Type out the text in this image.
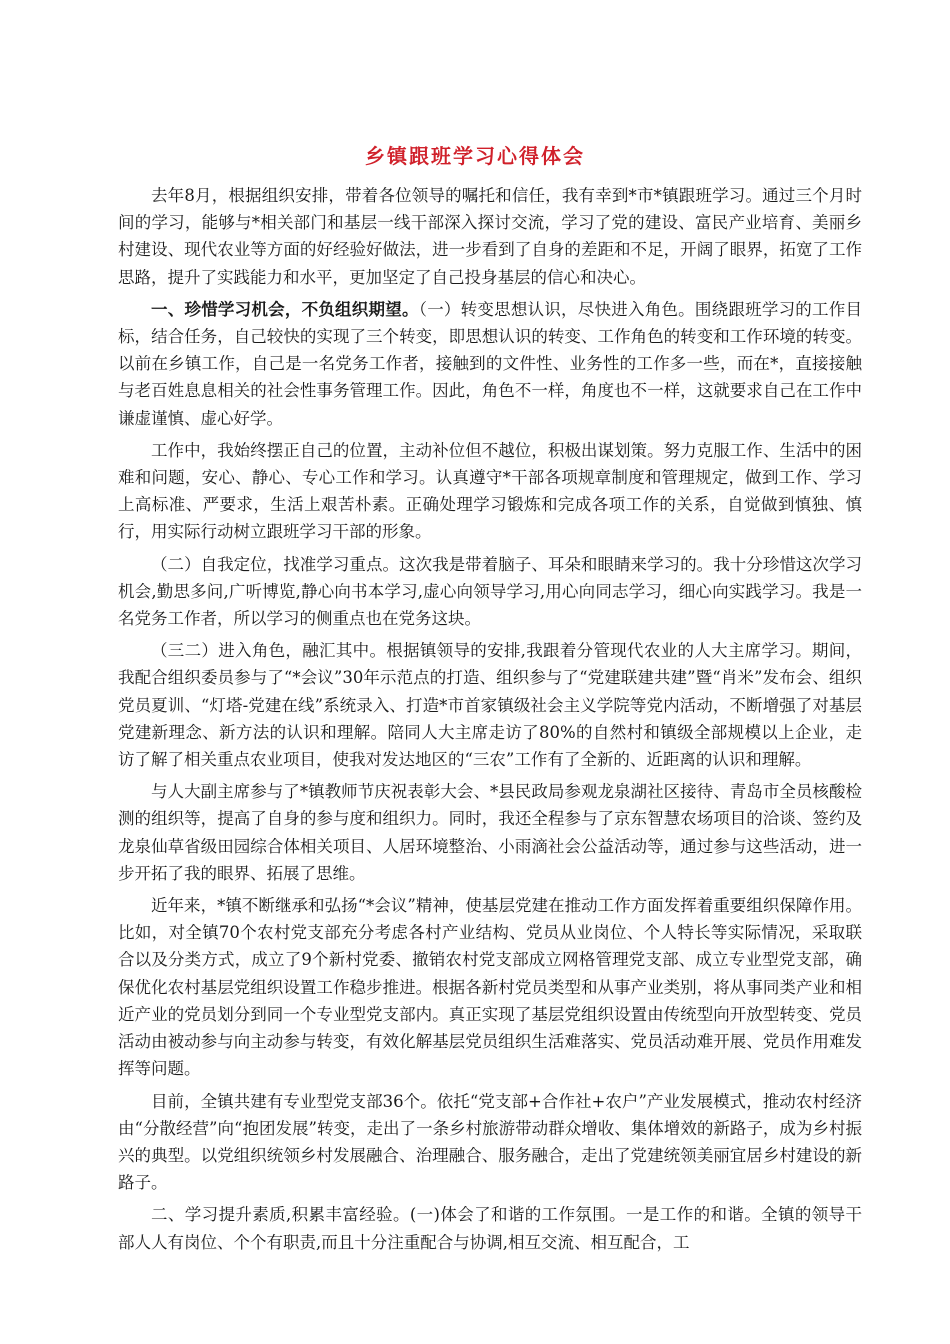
乡镇跟班学习心得体会

去年8月，根据组织安排，带着各位领导的嘱托和信任，我有幸到*市*镇跟班学习。通过三个月时间的学习，能够与*相关部门和基层一线干部深入探讨交流，学习了党的建设、富民产业培育、美丽乡村建设、现代农业等方面的好经验好做法，进一步看到了自身的差距和不足，开阔了眼界，拓宽了工作思路，提升了实践能力和水平，更加坚定了自己投身基层的信心和决心。

一、珍惜学习机会，不负组织期望。（一）转变思想认识，尽快进入角色。围绕跟班学习的工作目标，结合任务，自己较快的实现了三个转变，即思想认识的转变、工作角色的转变和工作环境的转变。以前在乡镇工作，自己是一名党务工作者，接触到的文件性、业务性的工作多一些，而在*，直接接触与老百姓息息相关的社会性事务管理工作。因此，角色不一样，角度也不一样，这就要求自己在工作中谦虚谨慎、虚心好学。

工作中，我始终摆正自己的位置，主动补位但不越位，积极出谋划策。努力克服工作、生活中的困难和问题，安心、静心、专心工作和学习。认真遵守*干部各项规章制度和管理规定，做到工作、学习上高标准、严要求，生活上艰苦朴素。正确处理学习锻炼和完成各项工作的关系，自觉做到慎独、慎行，用实际行动树立跟班学习干部的形象。

（二）自我定位，找准学习重点。这次我是带着脑子、耳朵和眼睛来学习的。我十分珍惜这次学习机会,勤思多问,广听博览,静心向书本学习,虚心向领导学习,用心向同志学习，细心向实践学习。我是一名党务工作者，所以学习的侧重点也在党务这块。

（三二）进入角色，融汇其中。根据镇领导的安排,我跟着分管现代农业的人大主席学习。期间，我配合组织委员参与了“*会议”30年示范点的打造、组织参与了“党建联建共建”暨“肖米”发布会、组织党员夏训、“灯塔-党建在线”系统录入、打造*市首家镇级社会主义学院等党内活动，不断增强了对基层党建新理念、新方法的认识和理解。陪同人大主席走访了80%的自然村和镇级全部规模以上企业，走访了解了相关重点农业项目，使我对发达地区的“三农”工作有了全新的、近距离的认识和理解。

与人大副主席参与了*镇教师节庆祝表彰大会、*县民政局参观龙泉湖社区接待、青岛市全员核酸检测的组织等，提高了自身的参与度和组织力。同时，我还全程参与了京东智慧农场项目的洽谈、签约及龙泉仙草省级田园综合体相关项目、人居环境整治、小雨滴社会公益活动等，通过参与这些活动，进一步开拓了我的眼界、拓展了思维。

近年来，*镇不断继承和弘扬“*会议”精神，使基层党建在推动工作方面发挥着重要组织保障作用。比如，对全镇70个农村党支部充分考虑各村产业结构、党员从业岗位、个人特长等实际情况，采取联合以及分类方式，成立了9个新村党委、撤销农村党支部成立网格管理党支部、成立专业型党支部，确保优化农村基层党组织设置工作稳步推进。根据各新村党员类型和从事产业类别，将从事同类产业和相近产业的党员划分到同一个专业型党支部内。真正实现了基层党组织设置由传统型向开放型转变、党员活动由被动参与向主动参与转变，有效化解基层党员组织生活难落实、党员活动难开展、党员作用难发挥等问题。

目前，全镇共建有专业型党支部36个。依托“党支部+合作社+农户”产业发展模式，推动农村经济由“分散经营”向“抱团发展”转变，走出了一条乡村旅游带动群众增收、集体增效的新路子，成为乡村振兴的典型。以党组织统领乡村发展融合、治理融合、服务融合，走出了党建统领美丽宜居乡村建设的新路子。

二、学习提升素质,积累丰富经验。(一)体会了和谐的工作氛围。一是工作的和谐。全镇的领导干部人人有岗位、个个有职责,而且十分注重配合与协调,相互交流、相互配合，工
